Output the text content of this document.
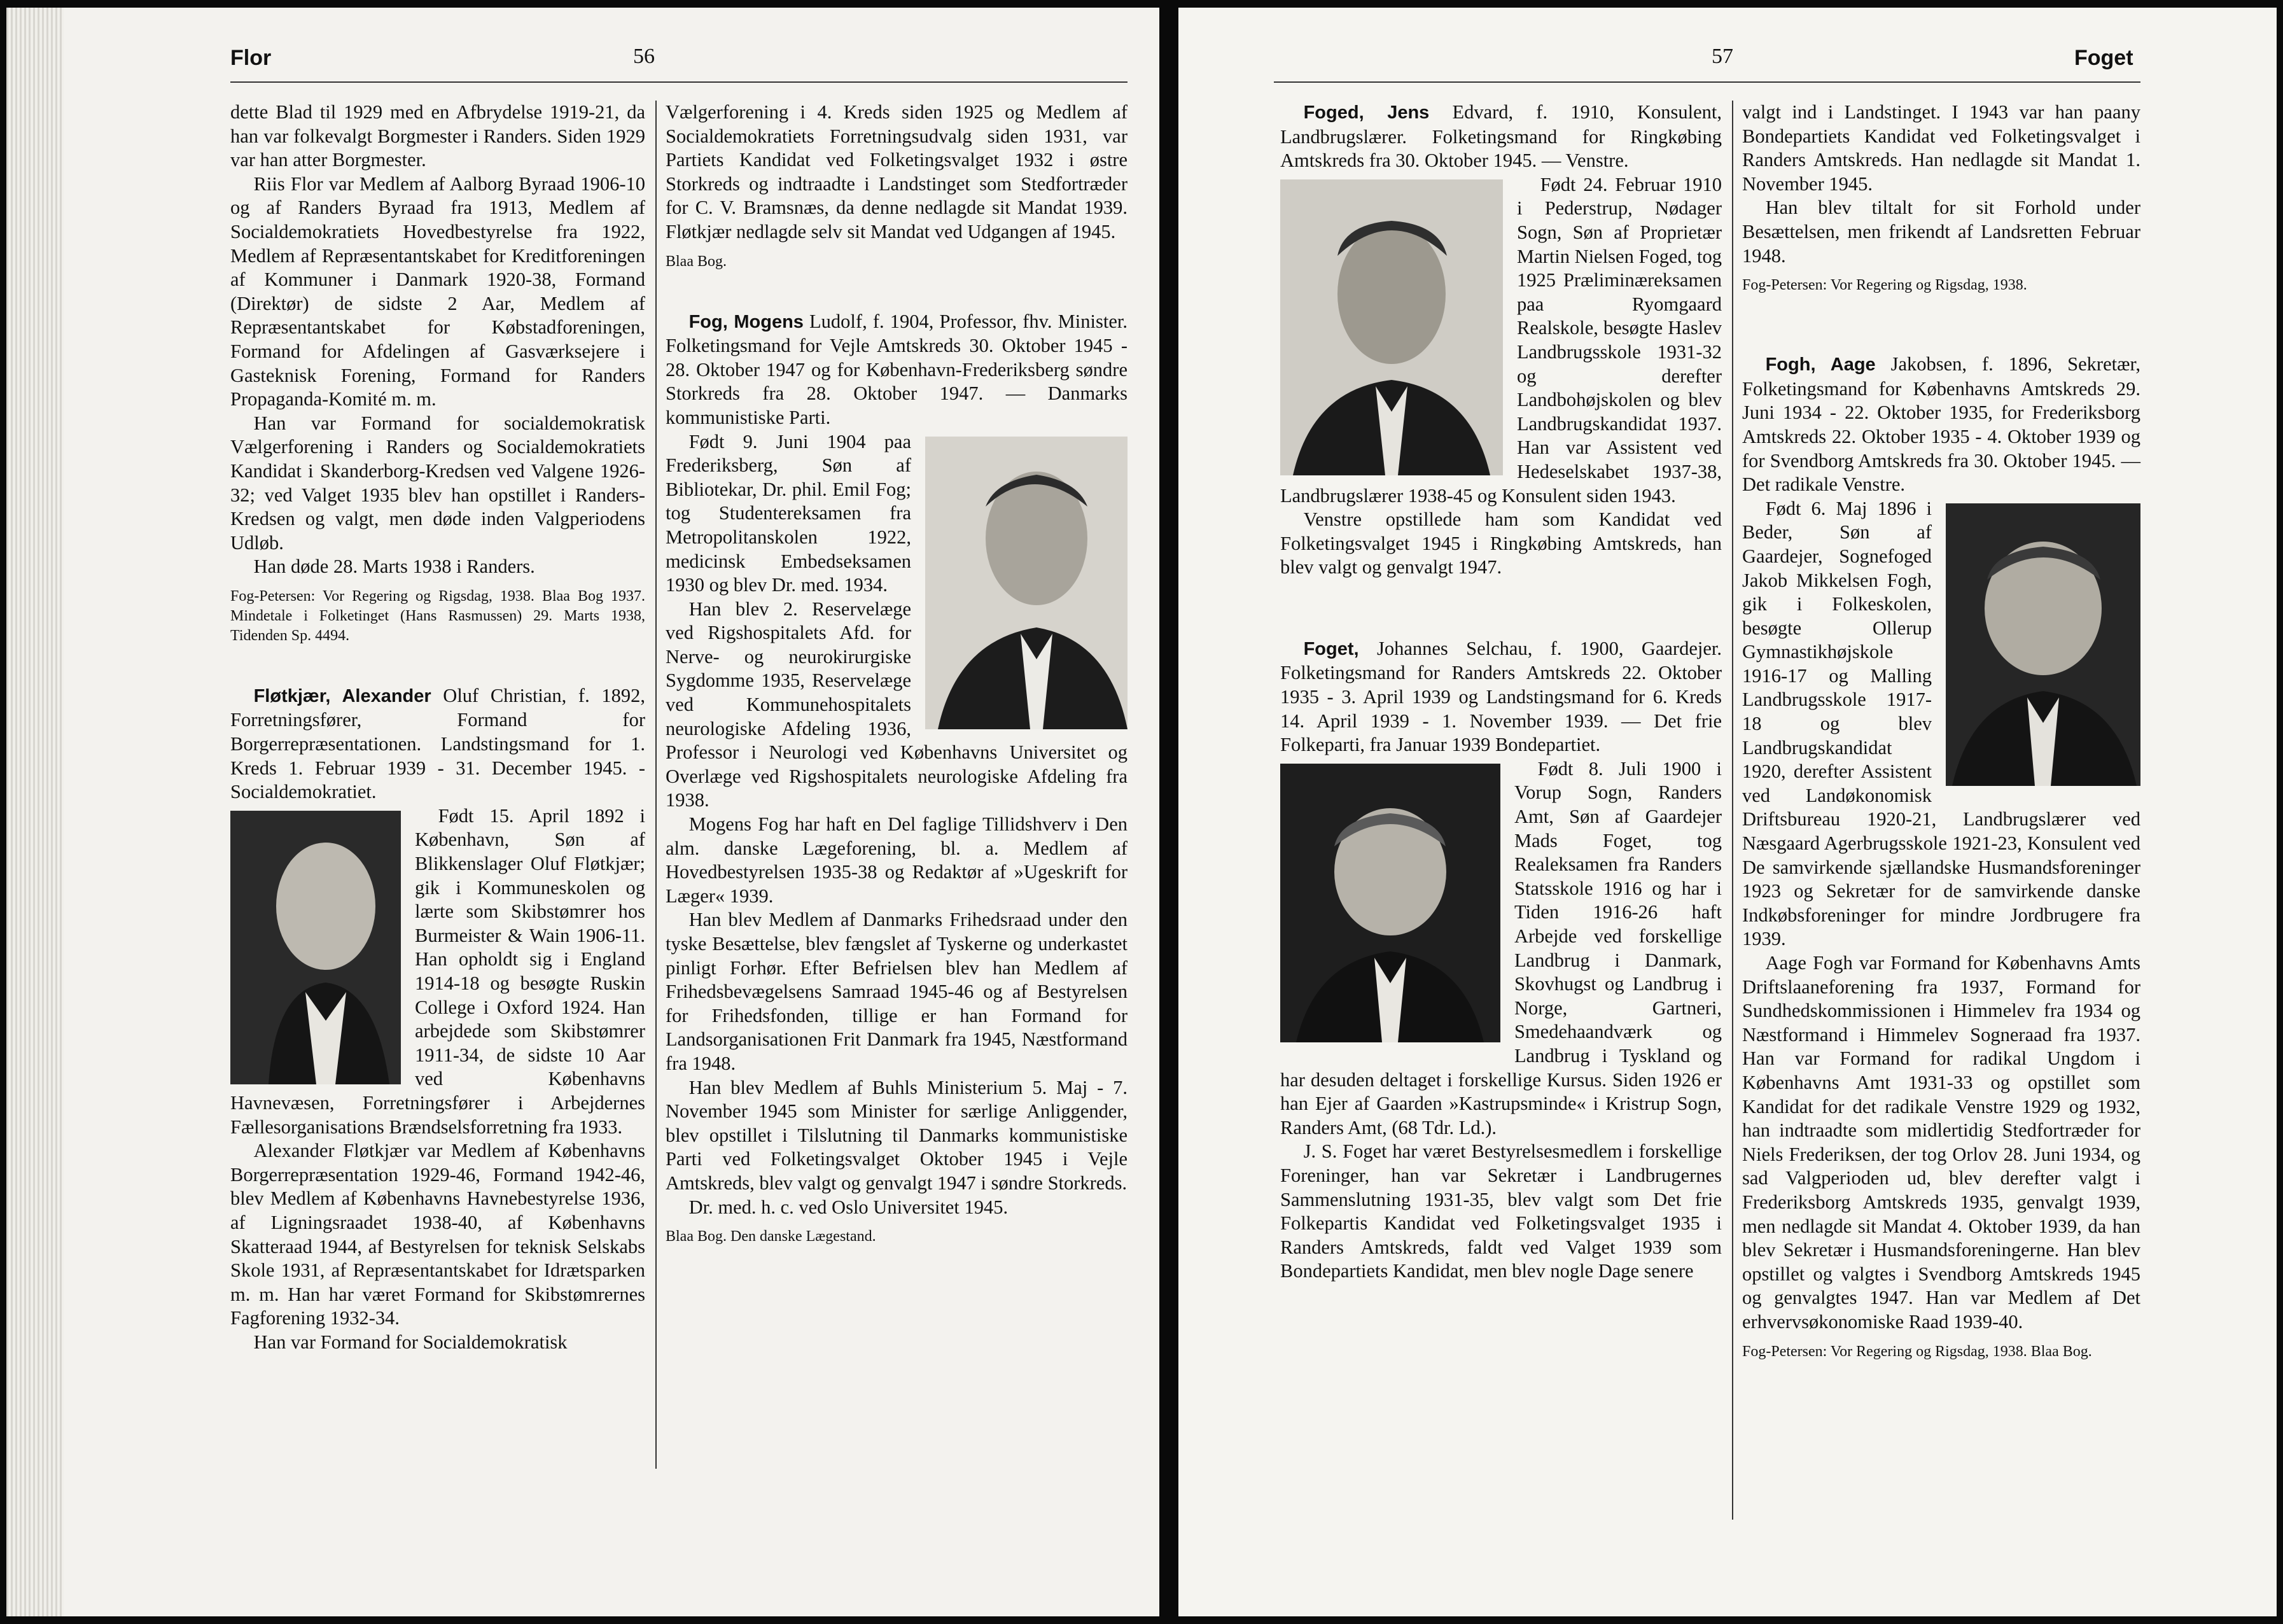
Flor	56

dette Blad til 1929 med en Afbrydelse 1919-21, da han var folkevalgt Borgmester i Randers. Siden 1929 var han atter Borgmester.

Riis Flor var Medlem af Aalborg Byraad 1906-10 og af Randers Byraad fra 1913, Medlem af Socialdemokratiets Hovedbestyrelse fra 1922, Medlem af Repræsentantskabet for Kreditforeningen af Kommuner i Danmark 1920-38, Formand (Direktør) de sidste 2 Aar, Medlem af Repræsentantskabet for Købstadforeningen, Formand for Afdelingen af Gasværksejere i Gasteknisk Forening, Formand for Randers Propaganda-Komité m. m.

Han var Formand for socialdemokratisk Vælgerforening i Randers og Socialdemokratiets Kandidat i Skanderborg-Kredsen ved Valgene 1926-32; ved Valget 1935 blev han opstillet i Randers-Kredsen og valgt, men døde inden Valgperiodens Udløb.

Han døde 28. Marts 1938 i Randers.

Fog-Petersen: Vor Regering og Rigsdag, 1938. Blaa Bog 1937. Mindetale i Folketinget (Hans Rasmussen) 29. Marts 1938, Tidenden Sp. 4494.

Fløtkjær, Alexander Oluf Christian, f. 1892, Forretningsfører, Formand for Borgerrepræsentationen. Landstingsmand for 1. Kreds 1. Februar 1939 - 31. December 1945. - Socialdemokratiet.

Født 15. April 1892 i København, Søn af Blikkenslager Oluf Fløtkjær; gik i Kommuneskolen og lærte som Skibstømrer hos Burmeister & Wain 1906-11. Han opholdt sig i England 1914-18 og besøgte Ruskin College i Oxford 1924. Han arbejdede som Skibstømrer 1911-34, de sidste 10 Aar ved Københavns Havnevæsen, Forretningsfører i Arbejdernes Fællesorganisations Brændselsforretning fra 1933.

Alexander Fløtkjær var Medlem af Københavns Borgerrepræsentation 1929-46, Formand 1942-46, blev Medlem af Københavns Havnebestyrelse 1936, af Ligningsraadet 1938-40, af Københavns Skatteraad 1944, af Bestyrelsen for teknisk Selskabs Skole 1931, af Repræsentantskabet for Idrætsparken m. m. Han har været Formand for Skibstømrernes Fagforening 1932-34.

Han var Formand for Socialdemokratisk

Vælgerforening i 4. Kreds siden 1925 og Medlem af Socialdemokratiets Forretningsudvalg siden 1931, var Partiets Kandidat ved Folketingsvalget 1932 i østre Storkreds og indtraadte i Landstinget som Stedfortræder for C. V. Bramsnæs, da denne nedlagde sit Mandat 1939. Fløtkjær nedlagde selv sit Mandat ved Udgangen af 1945.

Blaa Bog.

Fog, Mogens Ludolf, f. 1904, Professor, fhv. Minister. Folketingsmand for Vejle Amtskreds 30. Oktober 1945 - 28. Oktober 1947 og for København-Frederiksberg søndre Storkreds fra 28. Oktober 1947. — Danmarks kommunistiske Parti.

Født 9. Juni 1904 paa Frederiksberg, Søn af Bibliotekar, Dr. phil. Emil Fog; tog Studentereksamen fra Metropolitanskolen 1922, medicinsk Embedseksamen 1930 og blev Dr. med. 1934.

Han blev 2. Reservelæge ved Rigshospitalets Afd. for Nerve- og neurokirurgiske Sygdomme 1935, Reservelæge ved Kommunehospitalets neurologiske Afdeling 1936, Professor i Neurologi ved Københavns Universitet og Overlæge ved Rigshospitalets neurologiske Afdeling fra 1938.

Mogens Fog har haft en Del faglige Tillidshverv i Den alm. danske Lægeforening, bl. a. Medlem af Hovedbestyrelsen 1935-38 og Redaktør af »Ugeskrift for Læger« 1939.

Han blev Medlem af Danmarks Frihedsraad under den tyske Besættelse, blev fængslet af Tyskerne og underkastet pinligt Forhør. Efter Befrielsen blev han Medlem af Frihedsbevægelsens Samraad 1945-46 og af Bestyrelsen for Frihedsfonden, tillige er han Formand for Landsorganisationen Frit Danmark fra 1945, Næstformand fra 1948.

Han blev Medlem af Buhls Ministerium 5. Maj - 7. November 1945 som Minister for særlige Anliggender, blev opstillet i Tilslutning til Danmarks kommunistiske Parti ved Folketingsvalget Oktober 1945 i Vejle Amtskreds, blev valgt og genvalgt 1947 i søndre Storkreds.

Dr. med. h. c. ved Oslo Universitet 1945.

Blaa Bog. Den danske Lægestand.

57	Foget

Foged, Jens Edvard, f. 1910, Konsulent, Landbrugslærer. Folketingsmand for Ringkøbing Amtskreds fra 30. Oktober 1945. — Venstre.

Født 24. Februar 1910 i Pederstrup, Nødager Sogn, Søn af Proprietær Martin Nielsen Foged, tog 1925 Præliminæreksamen paa Ryomgaard Realskole, besøgte Haslev Landbrugsskole 1931-32 og derefter Landbohøjskolen og blev Landbrugskandidat 1937. Han var Assistent ved Hedeselskabet 1937-38, Landbrugslærer 1938-45 og Konsulent siden 1943.

Venstre opstillede ham som Kandidat ved Folketingsvalget 1945 i Ringkøbing Amtskreds, han blev valgt og genvalgt 1947.

Foget, Johannes Selchau, f. 1900, Gaardejer. Folketingsmand for Randers Amtskreds 22. Oktober 1935 - 3. April 1939 og Landstingsmand for 6. Kreds 14. April 1939 - 1. November 1939. — Det frie Folkeparti, fra Januar 1939 Bondepartiet.

Født 8. Juli 1900 i Vorup Sogn, Randers Amt, Søn af Gaardejer Mads Foget, tog Realeksamen fra Randers Statsskole 1916 og har i Tiden 1916-26 haft Arbejde ved forskellige Landbrug i Danmark, Skovhugst og Landbrug i Norge, Gartneri, Smedehaandværk og Landbrug i Tyskland og har desuden deltaget i forskellige Kursus. Siden 1926 er han Ejer af Gaarden »Kastrupsminde« i Kristrup Sogn, Randers Amt, (68 Tdr. Ld.).

J. S. Foget har været Bestyrelsesmedlem i forskellige Foreninger, han var Sekretær i Landbrugernes Sammenslutning 1931-35, blev valgt som Det frie Folkepartis Kandidat ved Folketingsvalget 1935 i Randers Amtskreds, faldt ved Valget 1939 som Bondepartiets Kandidat, men blev nogle Dage senere

valgt ind i Landstinget. I 1943 var han paany Bondepartiets Kandidat ved Folketingsvalget i Randers Amtskreds. Han nedlagde sit Mandat 1. November 1945.

Han blev tiltalt for sit Forhold under Besættelsen, men frikendt af Landsretten Februar 1948.

Fog-Petersen: Vor Regering og Rigsdag, 1938.

Fogh, Aage Jakobsen, f. 1896, Sekretær, Folketingsmand for Københavns Amtskreds 29. Juni 1934 - 22. Oktober 1935, for Frederiksborg Amtskreds 22. Oktober 1935 - 4. Oktober 1939 og for Svendborg Amtskreds fra 30. Oktober 1945. — Det radikale Venstre.

Født 6. Maj 1896 i Beder, Søn af Gaardejer, Sognefoged Jakob Mikkelsen Fogh, gik i Folkeskolen, besøgte Ollerup Gymnastikhøjskole 1916-17 og Malling Landbrugsskole 1917-18 og blev Landbrugskandidat 1920, derefter Assistent ved Landøkonomisk Driftsbureau 1920-21, Landbrugslærer ved Næsgaard Agerbrugsskole 1921-23, Konsulent ved De samvirkende sjællandske Husmandsforeninger 1923 og Sekretær for de samvirkende danske Indkøbsforeninger for mindre Jordbrugere fra 1939.

Aage Fogh var Formand for Københavns Amts Driftslaaneforening fra 1937, Formand for Sundhedskommissionen i Himmelev fra 1934 og Næstformand i Himmelev Sogneraad fra 1937. Han var Formand for radikal Ungdom i Københavns Amt 1931-33 og opstillet som Kandidat for det radikale Venstre 1929 og 1932, han indtraadte som midlertidig Stedfortræder for Niels Frederiksen, der tog Orlov 28. Juni 1934, og sad Valgperioden ud, blev derefter valgt i Frederiksborg Amtskreds 1935, genvalgt 1939, men nedlagde sit Mandat 4. Oktober 1939, da han blev Sekretær i Husmandsforeningerne. Han blev opstillet og valgtes i Svendborg Amtskreds 1945 og genvalgtes 1947. Han var Medlem af Det erhvervsøkonomiske Raad 1939-40.

Fog-Petersen: Vor Regering og Rigsdag, 1938. Blaa Bog.
